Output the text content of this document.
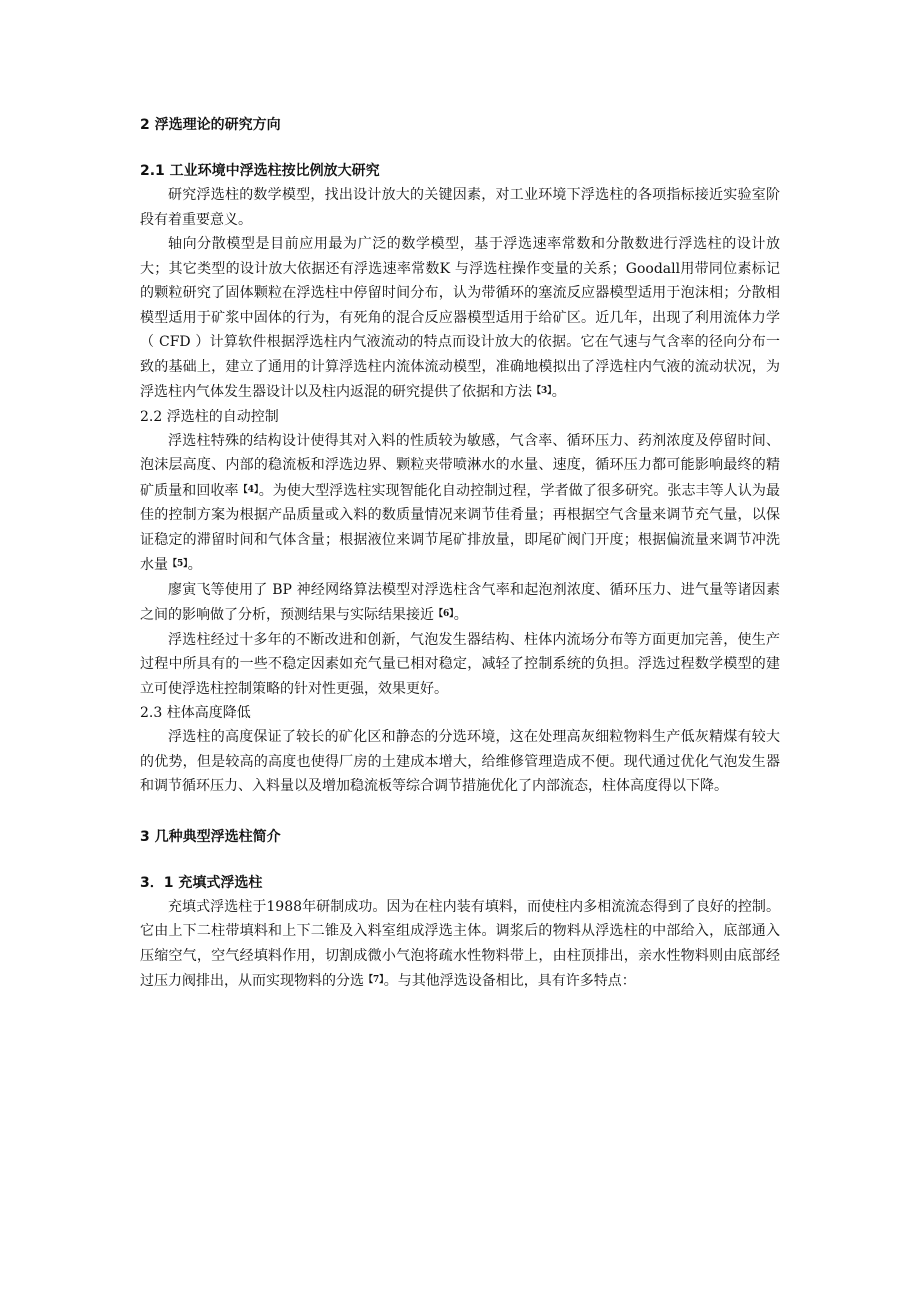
2 浮选理论的研究方向

2.1 工业环境中浮选柱按比例放大研究

研究浮选柱的数学模型，找出设计放大的关键因素，对工业环境下浮选柱的各项指标接近实验室阶段有着重要意义。

轴向分散模型是目前应用最为广泛的数学模型，基于浮选速率常数和分散数进行浮选柱的设计放大；其它类型的设计放大依据还有浮选速率常数K 与浮选柱操作变量的关系；Goodall用带同位素标记的颗粒研究了固体颗粒在浮选柱中停留时间分布，认为带循环的塞流反应器模型适用于泡沫相；分散相模型适用于矿浆中固体的行为，有死角的混合反应器模型适用于给矿区。近几年，出现了利用流体力学（ CFD ）计算软件根据浮选柱内气液流动的特点而设计放大的依据。它在气速与气含率的径向分布一致的基础上，建立了通用的计算浮选柱内流体流动模型，准确地模拟出了浮选柱内气液的流动状况，为浮选柱内气体发生器设计以及柱内返混的研究提供了依据和方法$^{【3】}$。

2.2 浮选柱的自动控制

浮选柱特殊的结构设计使得其对入料的性质较为敏感，气含率、循环压力、药剂浓度及停留时间、泡沫层高度、内部的稳流板和浮选边界、颗粒夹带喷淋水的水量、速度，循环压力都可能影响最终的精矿质量和回收率$^{【4】}$。为使大型浮选柱实现智能化自动控制过程，学者做了很多研究。张志丰等人认为最佳的控制方案为根据产品质量或入料的数质量情况来调节佳肴量；再根据空气含量来调节充气量，以保证稳定的滞留时间和气体含量；根据液位来调节尾矿排放量，即尾矿阀门开度；根据偏流量来调节冲洗水量$^{【5】}$。

廖寅飞等使用了 BP 神经网络算法模型对浮选柱含气率和起泡剂浓度、循环压力、进气量等诸因素之间的影响做了分析，预测结果与实际结果接近$^{【6】}$。

浮选柱经过十多年的不断改进和创新，气泡发生器结构、柱体内流场分布等方面更加完善，使生产过程中所具有的一些不稳定因素如充气量已相对稳定，减轻了控制系统的负担。浮选过程数学模型的建立可使浮选柱控制策略的针对性更强，效果更好。

2.3 柱体高度降低

浮选柱的高度保证了较长的矿化区和静态的分选环境，这在处理高灰细粒物料生产低灰精煤有较大的优势，但是较高的高度也使得厂房的土建成本增大，给维修管理造成不便。现代通过优化气泡发生器和调节循环压力、入料量以及增加稳流板等综合调节措施优化了内部流态，柱体高度得以下降。

3 几种典型浮选柱简介

3．1 充填式浮选柱

充填式浮选柱于1988年研制成功。因为在柱内装有填料，而使柱内多相流流态得到了良好的控制。它由上下二柱带填料和上下二锥及入料室组成浮选主体。调浆后的物料从浮选柱的中部给入，底部通入压缩空气，空气经填料作用，切割成微小气泡将疏水性物料带上，由柱顶排出，亲水性物料则由底部经过压力阀排出，从而实现物料的分选$^{【7】}$。与其他浮选设备相比，具有许多特点：
